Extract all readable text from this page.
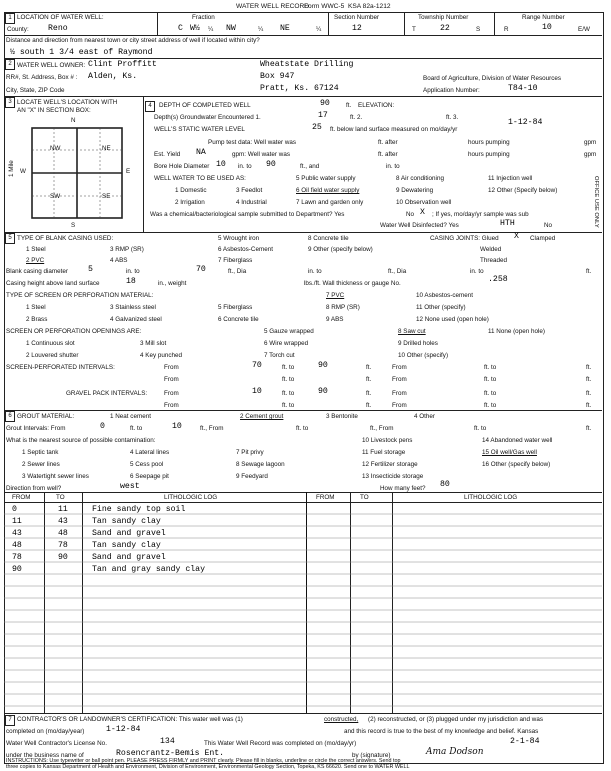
WATER WELL RECORD
Form WWC-5 KSA 82a-1212
1 LOCATION OF WATER WELL:
County: Reno
Fraction
C W½ ¼ NW	¼ NE	¼
Section Number
12
Township Number
T	22	S
Range Number
R	10	E/W
Distance and direction from nearest town or city street address of well if located within city?
½ south 1 3/4 east of Raymond
2 WATER WELL OWNER: Clint Proffitt	Wheatstate Drilling
RR#, St. Address, Box # : Alden, Ks.	Box 947
City, State, ZIP Code	Pratt, Ks. 67124
Board of Agriculture, Division of Water Resources
Application Number:	T84-10
3 LOCATE WELL'S LOCATION WITH
AN "X" IN SECTION BOX:
N
S
W	E
1 Mile
NW	NE
SW	SE
4	DEPTH OF COMPLETED WELL	90	ft. ELEVATION:
Depth(s) Groundwater Encountered 1.	17	ft. 2.	ft. 3.
WELL'S STATIC WATER LEVEL	25 ft. below land surface measured on mo/day/yr
1-12-84
Pump test data: Well water was	ft. after	hours pumping	gpm
Est. Yield NA	gpm: Well water was	ft. after	hours pumping	gpm
Bore Hole Diameter 10 in. to 90	ft., and	in. to
WELL WATER TO BE USED AS:
1 Domestic
2 Irrigation
3 Feedlot
4 Industrial
5 Public water supply
6 Oil field water supply
7 Lawn and garden only
8 Air conditioning
9 Dewatering
10 Observation well
11 Injection well
12 Other (Specify below)
Was a chemical/bacteriological sample submitted to Department? Yes	No X ; If yes, mo/day/yr sample was sub
Water Well Disinfected? Yes	HTH	No
5 TYPE OF BLANK CASING USED:
1 Steel
2 PVC
3 RMP (SR)
4 ABS
5 Wrought iron
6 Asbestos-Cement
7 Fiberglass
8 Concrete tile
9 Other (specify below)
CASING JOINTS: Glued X Clamped
Welded
Threaded
Blank casing diameter 5	in. to	70	ft., Dia	in. to	ft., Dia	in. to	ft.
Casing height above land surface	18	in., weight	lbs./ft. Wall thickness or gauge No.	.258
TYPE OF SCREEN OR PERFORATION MATERIAL:
1 Steel
2 Brass
3 Stainless steel
4 Galvanized steel
5 Fiberglass
6 Concrete tile
7 PVC
8 RMP (SR)
9 ABS
10 Asbestos-cement
11 Other (specify)
12 None used (open hole)
SCREEN OR PERFORATION OPENINGS ARE:
1 Continuous slot
2 Louvered shutter
3 Mill slot
4 Key punched
5 Gauze wrapped
6 Wire wrapped
7 Torch cut
8 Saw cut
9 Drilled holes
10 Other (specify)
11 None (open hole)
SCREEN-PERFORATED INTERVALS:	From	70	ft. to	90	ft.	From	ft. to	ft.
From	ft. to	ft.	From	ft. to	ft.
GRAVEL PACK INTERVALS:	From	10	ft. to	90	ft.	From	ft. to	ft.
From	ft. to	ft.	From	ft. to	ft.
6 GROUT MATERIAL:	1 Neat cement	2 Cement grout	3 Bentonite	4 Other
Grout Intervals: From	0	ft. to	10	ft., From	ft. to	ft., From	ft. to	ft.
What is the nearest source of possible contamination:
1 Septic tank
2 Sewer lines
3 Watertight sewer lines
4 Lateral lines
5 Cess pool
6 Seepage pit
7 Pit privy
8 Sewage lagoon
9 Feedyard
10 Livestock pens
11 Fuel storage
12 Fertilizer storage
13 Insecticide storage
14 Abandoned water well
15 Oil well/Gas well
16 Other (specify below)
Direction from well?	west	How many feet? 80
FROM	TO	LITHOLOGIC LOG	FROM	TO	LITHOLOGIC LOG
0	11	Fine sandy top soil
11	43	Tan sandy clay
43	48	Sand and gravel
48	78	Tan sandy clay
78	90	Sand and gravel
90	Tan and gray sandy clay
7 CONTRACTOR'S OR LANDOWNER'S CERTIFICATION: This water well was (1)	constructed, (2) reconstructed, or (3) plugged under my jurisdiction and was
completed on (mo/day/year)	1-12-84	and this record is true to the best of my knowledge and belief. Kansas
Water Well Contractor's License No.	134	This Water Well Record was completed on (mo/day/yr)	2-1-84
under the business name of	Rosencrantz-Bemis Ent.	by (signature)	Ama Dodson
INSTRUCTIONS: Use typewriter or ball point pen. PLEASE PRESS FIRMLY and PRINT clearly. Please fill in blanks, underline or circle the correct answers. Send top
three copies to Kansas Department of Health and Environment, Division of Environment, Environmental Geology Section, Topeka, KS 66620. Send one to WATER WELL
OFFICE USE ONLY
